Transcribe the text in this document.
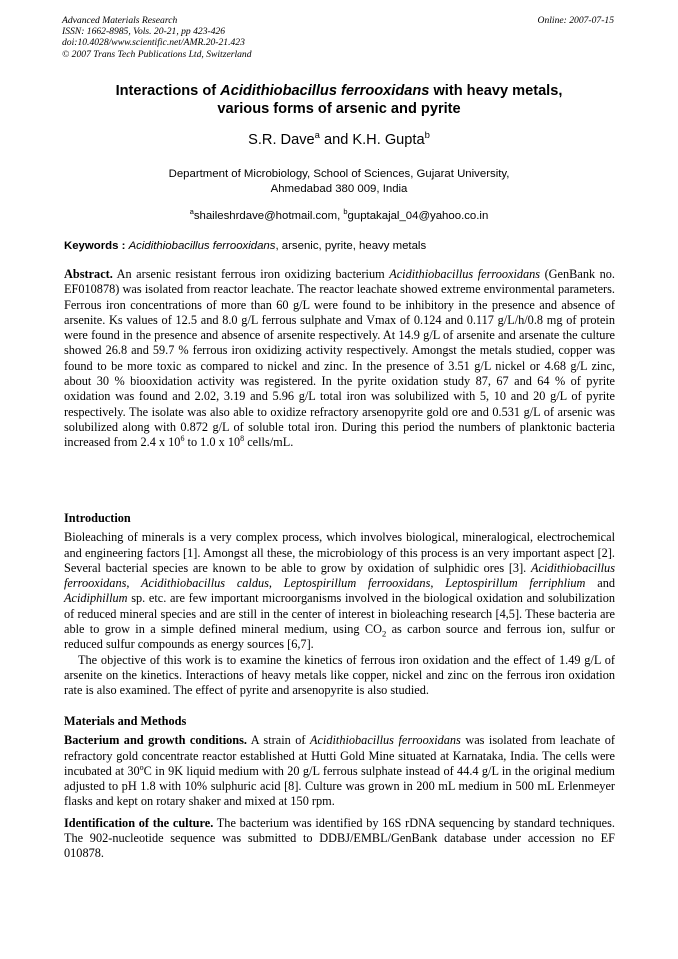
Advanced Materials Research
ISSN: 1662-8985, Vols. 20-21, pp 423-426
doi:10.4028/www.scientific.net/AMR.20-21.423
© 2007 Trans Tech Publications Ltd, Switzerland
Online: 2007-07-15
Interactions of Acidithiobacillus ferrooxidans with heavy metals,
various forms of arsenic and pyrite
S.R. Dave$^a$ and K.H. Gupta$^b$
Department of Microbiology, School of Sciences, Gujarat University,
Ahmedabad 380 009, India
$^a$shaileshrdave@hotmail.com, $^b$guptakajal_04@yahoo.co.in
Keywords : Acidithiobacillus ferrooxidans, arsenic, pyrite, heavy metals

Abstract. An arsenic resistant ferrous iron oxidizing bacterium Acidithiobacillus ferrooxidans (GenBank no. EF010878) was isolated from reactor leachate. The reactor leachate showed extreme environmental parameters. Ferrous iron concentrations of more than 60 g/L were found to be inhibitory in the presence and absence of arsenite. Ks values of 12.5 and 8.0 g/L ferrous sulphate and Vmax of 0.124 and 0.117 g/L/h/0.8 mg of protein were found in the presence and absence of arsenite respectively. At 14.9 g/L of arsenite and arsenate the culture showed 26.8 and 59.7 % ferrous iron oxidizing activity respectively. Amongst the metals studied, copper was found to be more toxic as compared to nickel and zinc. In the presence of 3.51 g/L nickel or 4.68 g/L zinc, about 30 % biooxidation activity was registered. In the pyrite oxidation study 87, 67 and 64 % of pyrite oxidation was found and 2.02, 3.19 and 5.96 g/L total iron was solubilized with 5, 10 and 20 g/L of pyrite respectively. The isolate was also able to oxidize refractory arsenopyrite gold ore and 0.531 g/L of arsenic was solubilized along with 0.872 g/L of soluble total iron. During this period the numbers of planktonic bacteria increased from 2.4 x $10^6$ to 1.0 x $10^8$ cells/mL.

Introduction

Bioleaching of minerals is a very complex process, which involves biological, mineralogical, electrochemical and engineering factors [1]. Amongst all these, the microbiology of this process is an very important aspect [2]. Several bacterial species are known to be able to grow by oxidation of sulphidic ores [3]. Acidithiobacillus ferrooxidans, Acidithiobacillus caldus, Leptospirillum ferrooxidans, Leptospirillum ferriphlium and Acidiphillum sp. etc. are few important microorganisms involved in the biological oxidation and solubilization of reduced mineral species and are still in the center of interest in bioleaching research [4,5]. These bacteria are able to grow in a simple defined mineral medium, using $CO_2$ as carbon source and ferrous ion, sulfur or reduced sulfur compounds as energy sources [6,7].

The objective of this work is to examine the kinetics of ferrous iron oxidation and the effect of 1.49 g/L of arsenite on the kinetics. Interactions of heavy metals like copper, nickel and zinc on the ferrous iron oxidation rate is also examined. The effect of pyrite and arsenopyrite is also studied.

Materials and Methods

Bacterium and growth conditions. A strain of Acidithiobacillus ferrooxidans was isolated from leachate of refractory gold concentrate reactor established at Hutti Gold Mine situated at Karnataka, India. The cells were incubated at 30$^o$C in 9K liquid medium with 20 g/L ferrous sulphate instead of 44.4 g/L in the original medium adjusted to pH 1.8 with 10% sulphuric acid [8]. Culture was grown in 200 mL medium in 500 mL Erlenmeyer flasks and kept on rotary shaker and mixed at 150 rpm.

Identification of the culture. The bacterium was identified by 16S rDNA sequencing by standard techniques. The 902-nucleotide sequence was submitted to DDBJ/EMBL/GenBank database under accession no EF 010878.
